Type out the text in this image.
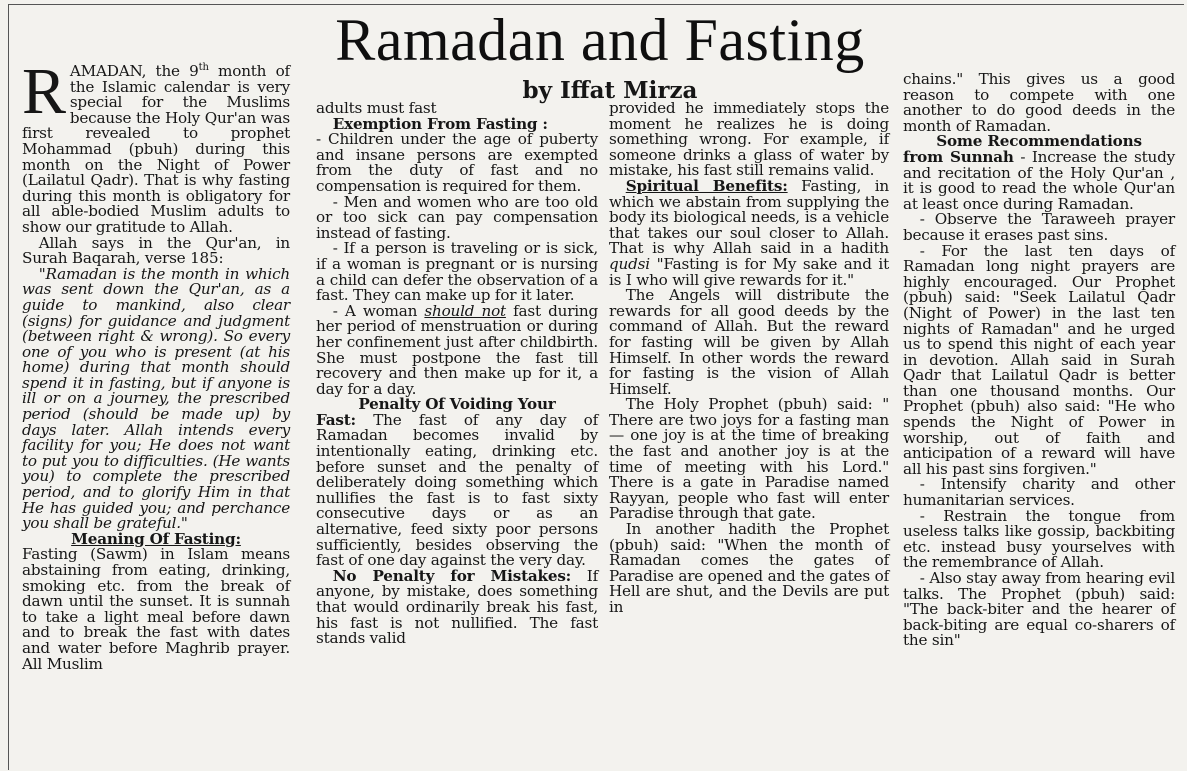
Ramadan and Fasting
by Iffat Mirza

RAMADAN, the 9th month of the Islamic calendar is very special for the Muslims because the Holy Qur'an was first revealed to prophet Mohammad (pbuh) during this month on the Night of Power (Lailatul Qadr). That is why fasting during this month is obligatory for all able-bodied Muslim adults to show our gratitude to Allah.

Allah says in the Qur'an, in Surah Baqarah, verse 185:

"Ramadan is the month in which was sent down the Qur'an, as a guide to mankind, also clear (signs) for guidance and judgment (between right & wrong). So every one of you who is present (at his home) during that month should spend it in fasting, but if anyone is ill or on a journey, the prescribed period (should be made up) by days later. Allah intends every facility for you; He does not want to put you to difficulties. (He wants you) to complete the prescribed period, and to glorify Him in that He has guided you; and perchance you shall be grateful."

Meaning Of Fasting:

Fasting (Sawm) in Islam means abstaining from eating, drinking, smoking etc. from the break of dawn until the sunset. It is sunnah to take a light meal before dawn and to break the fast with dates and water before Maghrib prayer. All Muslim

adults must fast

Exemption From Fasting :

- Children under the age of puberty and insane persons are exempted from the duty of fast and no compensation is required for them.

- Men and women who are too old or too sick can pay compensation instead of fasting.

- If a person is traveling or is sick, if a woman is pregnant or is nursing a child can defer the observation of a fast. They can make up for it later.

- A woman should not fast during her period of menstruation or during her confinement just after childbirth. She must postpone the fast till recovery and then make up for it, a day for a day.

Penalty Of Voiding Your

Fast: The fast of any day of Ramadan becomes invalid by intentionally eating, drinking etc. before sunset and the penalty of deliberately doing something which nullifies the fast is to fast sixty consecutive days or as an alternative, feed sixty poor persons sufficiently, besides observing the fast of one day against the very day.

No Penalty for Mistakes: If anyone, by mistake, does something that would ordinarily break his fast, his fast is not nullified. The fast stands valid

provided he immediately stops the moment he realizes he is doing something wrong. For example, if someone drinks a glass of water by mistake, his fast still remains valid.

Spiritual Benefits: Fasting, in which we abstain from supplying the body its biological needs, is a vehicle that takes our soul closer to Allah. That is why Allah said in a hadith qudsi "Fasting is for My sake and it is I who will give rewards for it."

The Angels will distribute the rewards for all good deeds by the command of Allah. But the reward for fasting will be given by Allah Himself. In other words the reward for fasting is the vision of Allah Himself.

The Holy Prophet (pbuh) said: " There are two joys for a fasting man — one joy is at the time of breaking the fast and another joy is at the time of meeting with his Lord." There is a gate in Paradise named Rayyan, people who fast will enter Paradise through that gate.

In another hadith the Prophet (pbuh) said: "When the month of Ramadan comes the gates of Paradise are opened and the gates of Hell are shut, and the Devils are put in

chains." This gives us a good reason to compete with one another to do good deeds in the month of Ramadan.

Some Recommendations

from Sunnah - Increase the study and recitation of the Holy Qur'an , it is good to read the whole Qur'an at least once during Ramadan.

- Observe the Taraweeh prayer because it erases past sins.

- For the last ten days of Ramadan long night prayers are highly encouraged. Our Prophet (pbuh) said: "Seek Lailatul Qadr (Night of Power) in the last ten nights of Ramadan" and he urged us to spend this night of each year in devotion. Allah said in Surah Qadr that Lailatul Qadr is better than one thousand months. Our Prophet (pbuh) also said: "He who spends the Night of Power in worship, out of faith and anticipation of a reward will have all his past sins forgiven."

- Intensify charity and other humanitarian services.

- Restrain the tongue from useless talks like gossip, backbiting etc. instead busy yourselves with the remembrance of Allah.

- Also stay away from hearing evil talks. The Prophet (pbuh) said: "The back-biter and the hearer of back-biting are equal co-sharers of the sin"
